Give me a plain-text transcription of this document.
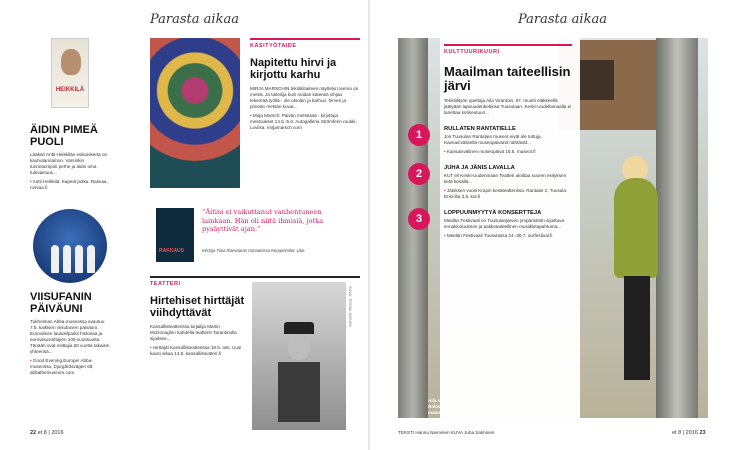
Parasta aikaa	Parasta aikaa
HEIKKILÄ
ÄIDIN PIMEÄ PUOLI
Lääkäri Antti Heikkilän esikoiskerta on kauhutarinamon. Varsinkin tunnetuimpiin perhe ja äidin oma tulevaisuus...
• Antti Heikkilä: Kapeiä polku. Rasvaa, rosvaa fi
VIISUFANIN PÄIVÄUNI
Tukholman Abba-museossa avautuu 7.5. kaikkien viisufanien päiväuni. Euroviisien laulukilpailut historiaa ja euroviisuvoittajien 100-vuotisuutta. Tänään ovat voittajia 60 vuotta takaisin yhteensä...
• Good Evening Europe! Abba-museossa, Djurgårdsvägen 68, abbathemuseum.com
KÄSITYÖTAIDE
Napitettu hirvi ja kirjottu karhu
MIRJA MARSCHIN tekstiilitaiteen näyttelyn teema on metsä. Ja taiteilija kuin noidan kätensä vihjaa tekemää työllä - ole otsolan ja karhun, hirven ja pimeän metsän kuvat...
• Mirja Marsch: Paivän metsässä - kirjottuja mestoukset 14.5.-5.6. Autogalleria Strömferin ruukki, Loviisa. mirjamarsch.com
RAKKAUS
”Äitini ei vaikuttanut vanhentuneen lainkaan. Hän oli niitä ihmisiä, jotka pysäyttivät ajan.”
Kertoja Tiina Raevaaran romaanissa Korppiemilet. Like.
TEATTERI
Hirtehiset hirttäjät viihdyttävät
Kansallisteatterissa kirjailija Martin McDonaghin kahdella teatterin Tarantinolla sijaitsee...
• Hirttäjät Kansallisteatterissa 19.5. asti. Uusi kausi alkaa 13.8. kansallisteatteri.fi
KUVA: TEEMU IKONEN
KULTTUURIKUURI
Maailman taiteellisin järvi
Tekstiilityön opettaja Aila Virantoin, 67, muutti eläkkeellä jäätyään lapsuudenkotiinsa Tuusulaan. Keski-Uudellamaalla ei lanettaa kotiseutuun...
1	RULLATEN RANTATIELLE
Jos Tuusulan Rantatien museot eivät ole tuttuja, Kansainvälisellä museopäivänä nähtävät...
• Kansainvälinen museopäivä 18.5. museot.fi
2	JUHA JA JÄNIS LAVALLA
KUT eli Keski-Uudenmaan Teatteri aloittaa suuren esityksen ketä kesällä...
• Jäniksen vuosi Krapin kesäteatterissa. Rantatie 2, Tuusula. Ensi-ilta 3.6. kut.fi
3	LOPPUUNMYYTYÄ KONSERTTEJA
Meidän Festivaali on Tuusulanjärven ympäristöön sijoittuva ennakkoluuloton ja pakkotaiteellinen musiikkitapahtuma...
• Meidän Festivaali Tuusulassa 24.-30.7. ourfestival.fi
Aila Viranko viihtyy Halosenniemen maisemissa.
22 et 8 | 2016	TEKSTI Hannu Nieminen KUVA Juha Salminen	et 8 | 2016 23
